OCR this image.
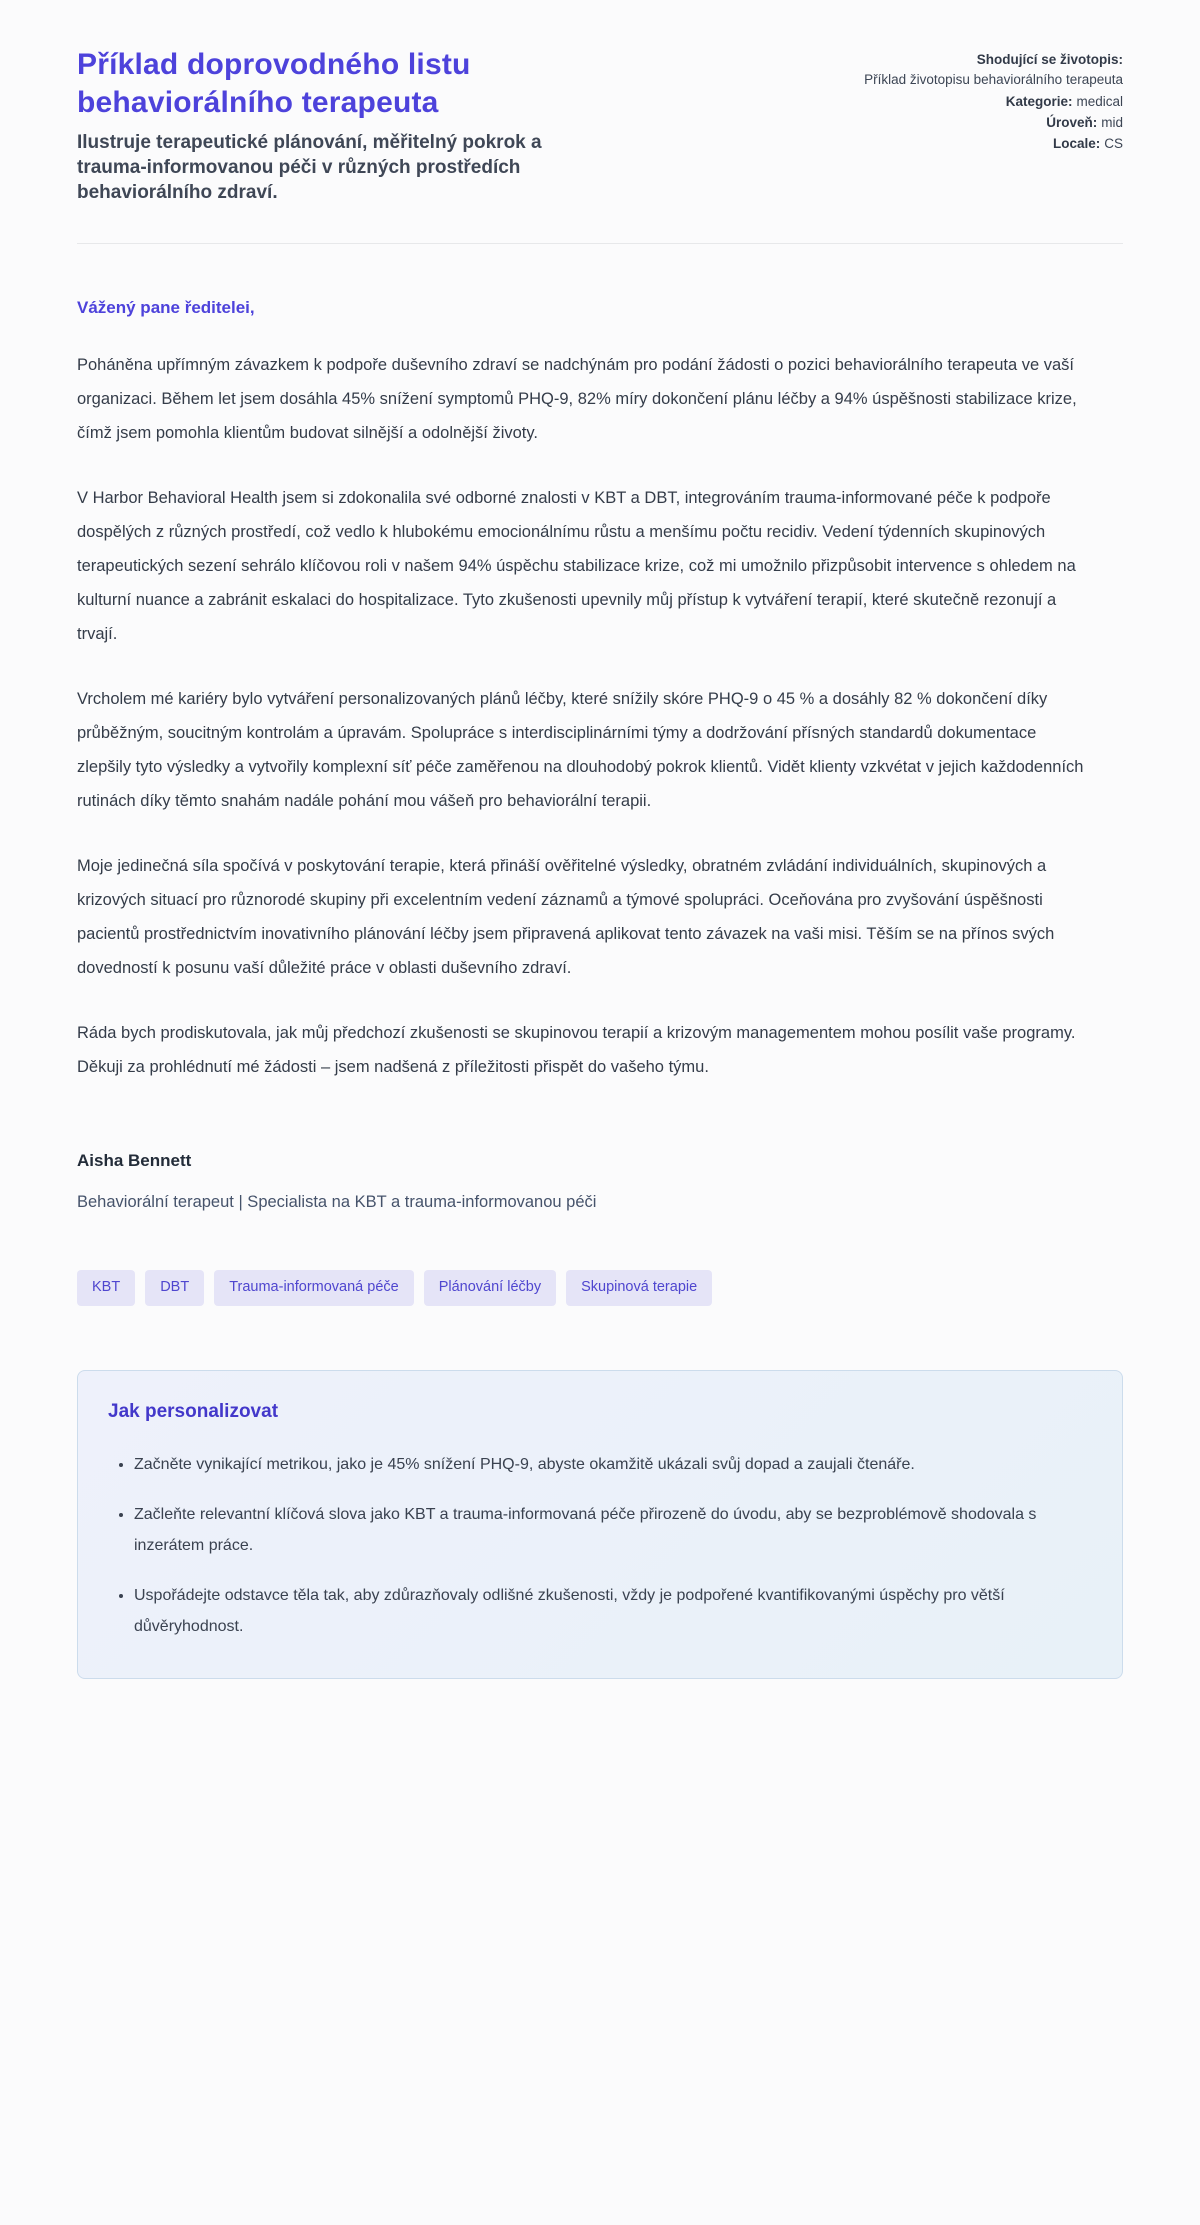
Příklad doprovodného listu behaviorálního terapeuta
Ilustruje terapeutické plánování, měřitelný pokrok a trauma-informovanou péči v různých prostředích behaviorálního zdraví.
Shodující se životopis:
Příklad životopisu behaviorálního terapeuta
Kategorie: medical
Úroveň: mid
Locale: CS

Vážený pane ředitelei,

Poháněna upřímným závazkem k podpoře duševního zdraví se nadchýnám pro podání žádosti o pozici behaviorálního terapeuta ve vaší organizaci. Během let jsem dosáhla 45% snížení symptomů PHQ-9, 82% míry dokončení plánu léčby a 94% úspěšnosti stabilizace krize, čímž jsem pomohla klientům budovat silnější a odolnější životy.

V Harbor Behavioral Health jsem si zdokonalila své odborné znalosti v KBT a DBT, integrováním trauma-informované péče k podpoře dospělých z různých prostředí, což vedlo k hlubokému emocionálnímu růstu a menšímu počtu recidiv. Vedení týdenních skupinových terapeutických sezení sehrálo klíčovou roli v našem 94% úspěchu stabilizace krize, což mi umožnilo přizpůsobit intervence s ohledem na kulturní nuance a zabránit eskalaci do hospitalizace. Tyto zkušenosti upevnily můj přístup k vytváření terapií, které skutečně rezonují a trvají.

Vrcholem mé kariéry bylo vytváření personalizovaných plánů léčby, které snížily skóre PHQ-9 o 45 % a dosáhly 82 % dokončení díky průběžným, soucitným kontrolám a úpravám. Spolupráce s interdisciplinárními týmy a dodržování přísných standardů dokumentace zlepšily tyto výsledky a vytvořily komplexní síť péče zaměřenou na dlouhodobý pokrok klientů. Vidět klienty vzkvétat v jejich každodenních rutinách díky těmto snahám nadále pohání mou vášeň pro behaviorální terapii.

Moje jedinečná síla spočívá v poskytování terapie, která přináší ověřitelné výsledky, obratném zvládání individuálních, skupinových a krizových situací pro různorodé skupiny při excelentním vedení záznamů a týmové spolupráci. Oceňována pro zvyšování úspěšnosti pacientů prostřednictvím inovativního plánování léčby jsem připravená aplikovat tento závazek na vaši misi. Těším se na přínos svých dovedností k posunu vaší důležité práce v oblasti duševního zdraví.

Ráda bych prodiskutovala, jak můj předchozí zkušenosti se skupinovou terapií a krizovým managementem mohou posílit vaše programy. Děkuji za prohlédnutí mé žádosti – jsem nadšená z příležitosti přispět do vašeho týmu.

Aisha Bennett

Behaviorální terapeut | Specialista na KBT a trauma-informovanou péči

KBT	DBT	Trauma-informovaná péče	Plánování léčby	Skupinová terapie
Jak personalizovat
• Začněte vynikající metrikou, jako je 45% snížení PHQ-9, abyste okamžitě ukázali svůj dopad a zaujali čtenáře.
• Začleňte relevantní klíčová slova jako KBT a trauma-informovaná péče přirozeně do úvodu, aby se bezproblémově shodovala s inzerátem práce.
• Uspořádejte odstavce těla tak, aby zdůrazňovaly odlišné zkušenosti, vždy je podpořené kvantifikovanými úspěchy pro větší důvěryhodnost.
